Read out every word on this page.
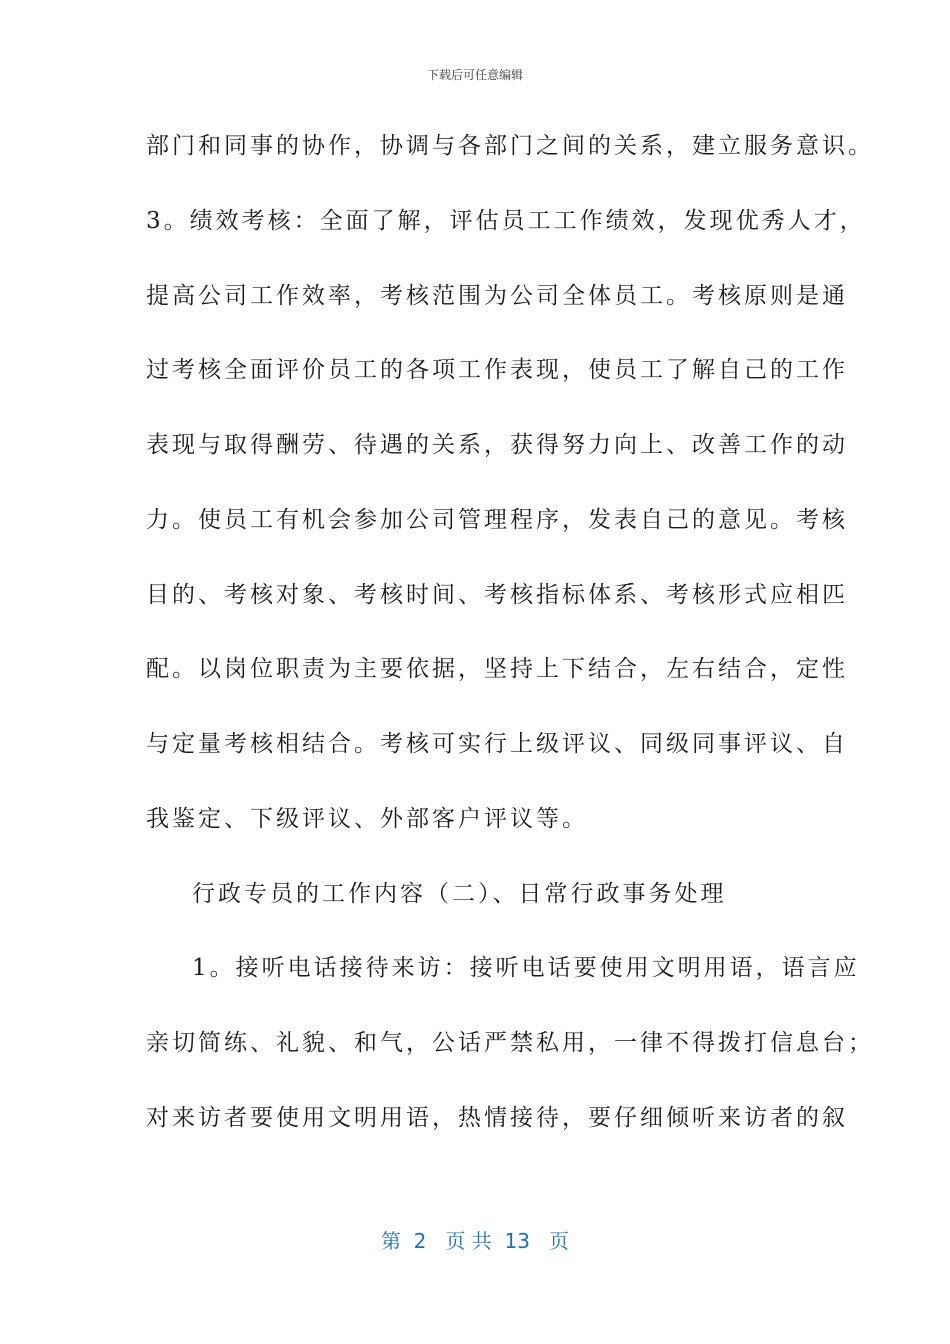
下载后可任意编辑
部门和同事的协作，协调与各部门之间的关系，建立服务意识。
3。绩效考核：全面了解，评估员工工作绩效，发现优秀人才，
提高公司工作效率，考核范围为公司全体员工。考核原则是通
过考核全面评价员工的各项工作表现，使员工了解自己的工作
表现与取得酬劳、待遇的关系，获得努力向上、改善工作的动
力。使员工有机会参加公司管理程序，发表自己的意见。考核
目的、考核对象、考核时间、考核指标体系、考核形式应相匹
配。以岗位职责为主要依据，坚持上下结合，左右结合，定性
与定量考核相结合。考核可实行上级评议、同级同事评议、自
我鉴定、下级评议、外部客户评议等。
行政专员的工作内容（二）、日常行政事务处理
1。接听电话接待来访：接听电话要使用文明用语，语言应
亲切简练、礼貌、和气，公话严禁私用，一律不得拨打信息台；
对来访者要使用文明用语，热情接待，要仔细倾听来访者的叙
第  2   页 共  13   页
